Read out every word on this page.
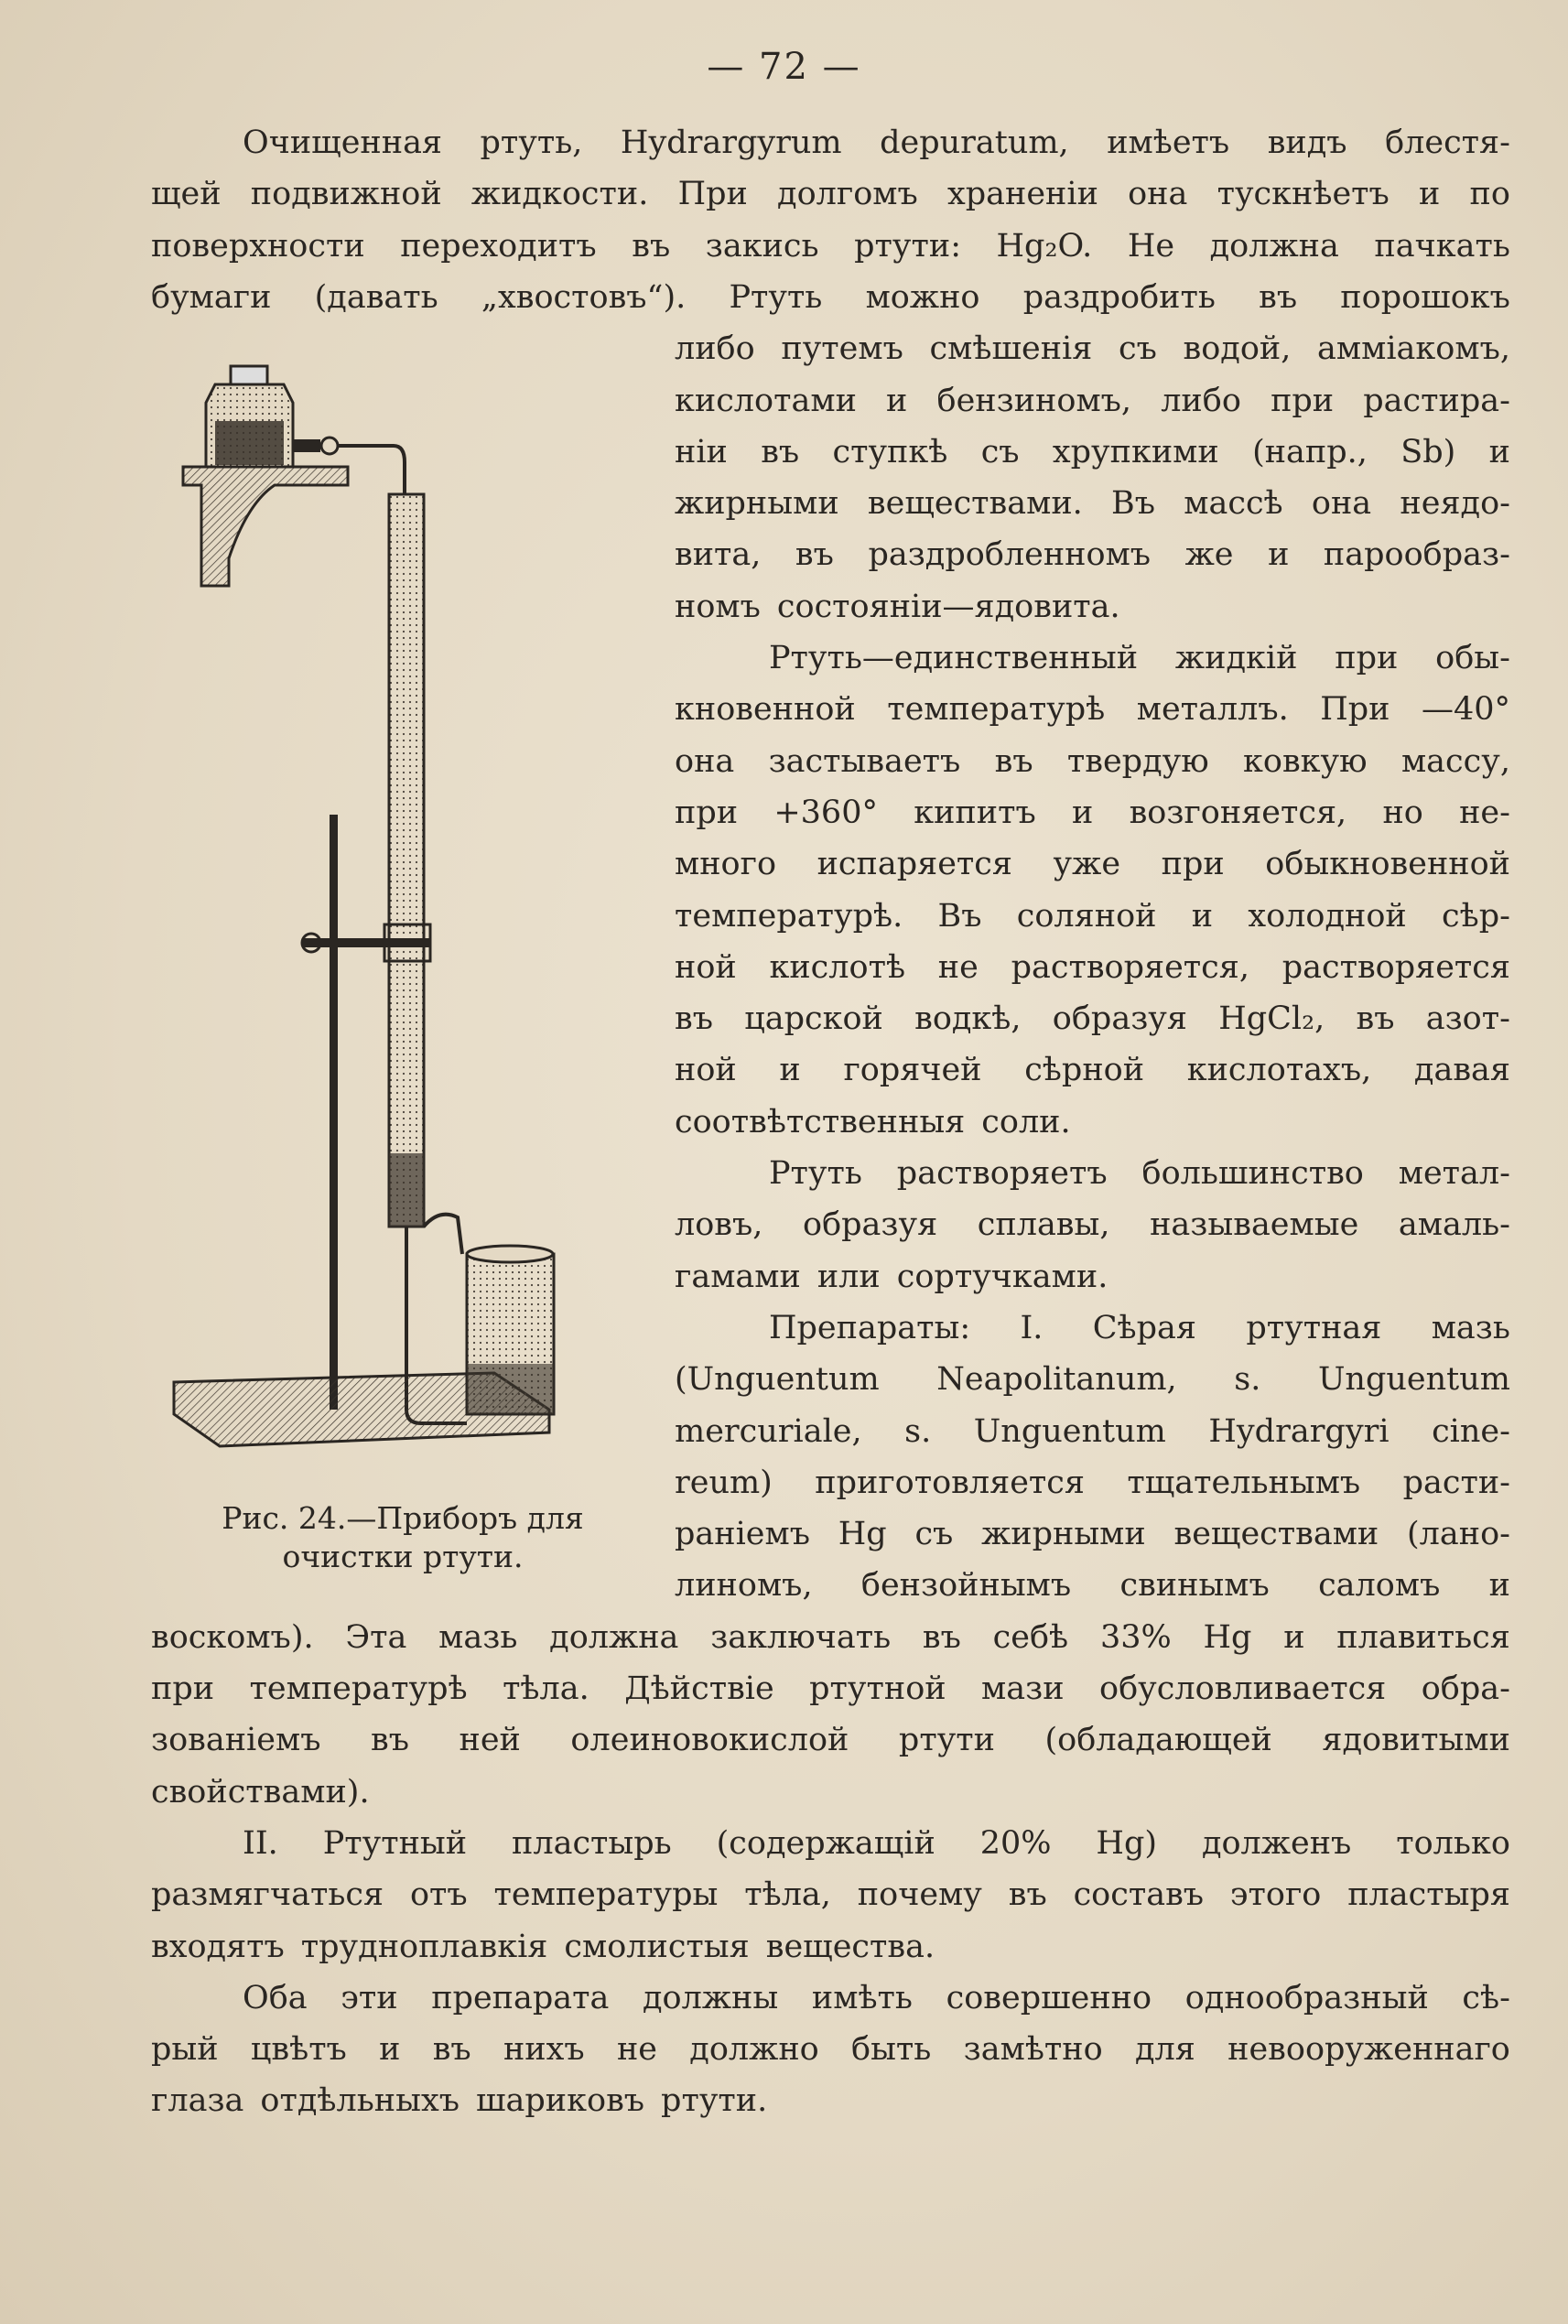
— 72 —
Очищенная ртуть, Hydrargyrum depuratum, имѣетъ видъ блестя-
щей подвижной жидкости. При долгомъ храненіи она тускнѣетъ и по
поверхности переходитъ въ закись ртути: Hg₂O. Не должна пачкать
бумаги (давать „хвостовъ“). Ртуть можно раздробить въ порошокъ
либо путемъ смѣшенія съ водой, амміакомъ,
кислотами и бензиномъ, либо при растира-
ніи въ ступкѣ съ хрупкими (напр., Sb) и
жирными веществами. Въ массѣ она неядо-
вита, въ раздробленномъ же и парообраз-
номъ состояніи—ядовита.
Ртуть—единственный жидкій при обы-
кновенной температурѣ металлъ. При —40°
она застываетъ въ твердую ковкую массу,
при +360° кипитъ и возгоняется, но не-
много испаряется уже при обыкновенной
температурѣ. Въ соляной и холодной сѣр-
ной кислотѣ не растворяется, растворяется
въ царской водкѣ, образуя HgCl₂, въ азот-
ной и горячей сѣрной кислотахъ, давая
соотвѣтственныя соли.
Ртуть растворяетъ большинство метал-
ловъ, образуя сплавы, называемые амаль-
гамами или сортучками.
Препараты: I. Сѣрая ртутная мазь
(Unguentum Neapolitanum, s. Unguentum
mercuriale, s. Unguentum Hydrargyri cine-
reum) приготовляется тщательнымъ расти-
раніемъ Hg съ жирными веществами (лано-
линомъ, бензойнымъ свинымъ саломъ и
воскомъ). Эта мазь должна заключать въ себѣ 33% Hg и плавиться
при температурѣ тѣла. Дѣйствіе ртутной мази обусловливается обра-
зованіемъ въ ней олеиновокислой ртути (обладающей ядовитыми
свойствами).
II. Ртутный пластырь (содержащій 20% Hg) долженъ только
размягчаться отъ температуры тѣла, почему въ составъ этого пластыря
входятъ трудноплавкія смолистыя вещества.
Оба эти препарата должны имѣть совершенно однообразный сѣ-
рый цвѣтъ и въ нихъ не должно быть замѣтно для невооруженнаго
глаза отдѣльныхъ шариковъ ртути.
Рис. 24.—Приборъ для
очистки ртути.
